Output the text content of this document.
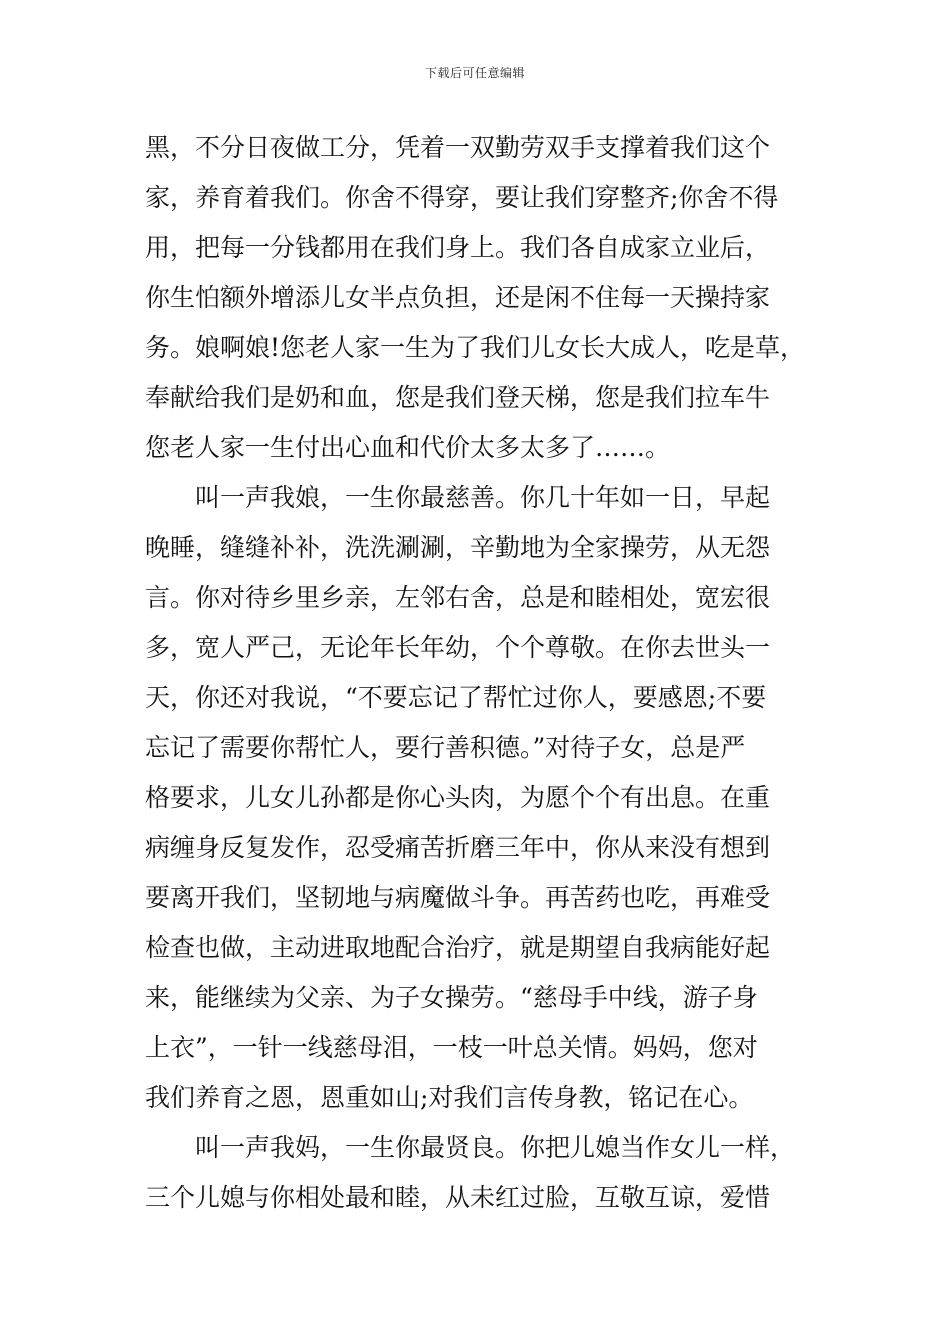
下载后可任意编辑
黑，不分日夜做工分，凭着一双勤劳双手支撑着我们这个
家，养育着我们。你舍不得穿，要让我们穿整齐;你舍不得
用，把每一分钱都用在我们身上。我们各自成家立业后，
你生怕额外增添儿女半点负担，还是闲不住每一天操持家
务。娘啊娘!您老人家一生为了我们儿女长大成人，吃是草，
奉献给我们是奶和血，您是我们登天梯，您是我们拉车牛
您老人家一生付出心血和代价太多太多了……。
叫一声我娘，一生你最慈善。你几十年如一日，早起
晚睡，缝缝补补，洗洗涮涮，辛勤地为全家操劳，从无怨
言。你对待乡里乡亲，左邻右舍，总是和睦相处，宽宏很
多，宽人严己，无论年长年幼，个个尊敬。在你去世头一
天，你还对我说，“不要忘记了帮忙过你人，要感恩;不要
忘记了需要你帮忙人，要行善积德。”对待子女，总是严
格要求，儿女儿孙都是你心头肉，为愿个个有出息。在重
病缠身反复发作，忍受痛苦折磨三年中，你从来没有想到
要离开我们，坚韧地与病魔做斗争。再苦药也吃，再难受
检查也做，主动进取地配合治疗，就是期望自我病能好起
来，能继续为父亲、为子女操劳。“慈母手中线，游子身
上衣”，一针一线慈母泪，一枝一叶总关情。妈妈，您对
我们养育之恩，恩重如山;对我们言传身教，铭记在心。
叫一声我妈，一生你最贤良。你把儿媳当作女儿一样，
三个儿媳与你相处最和睦，从未红过脸，互敬互谅，爱惜
